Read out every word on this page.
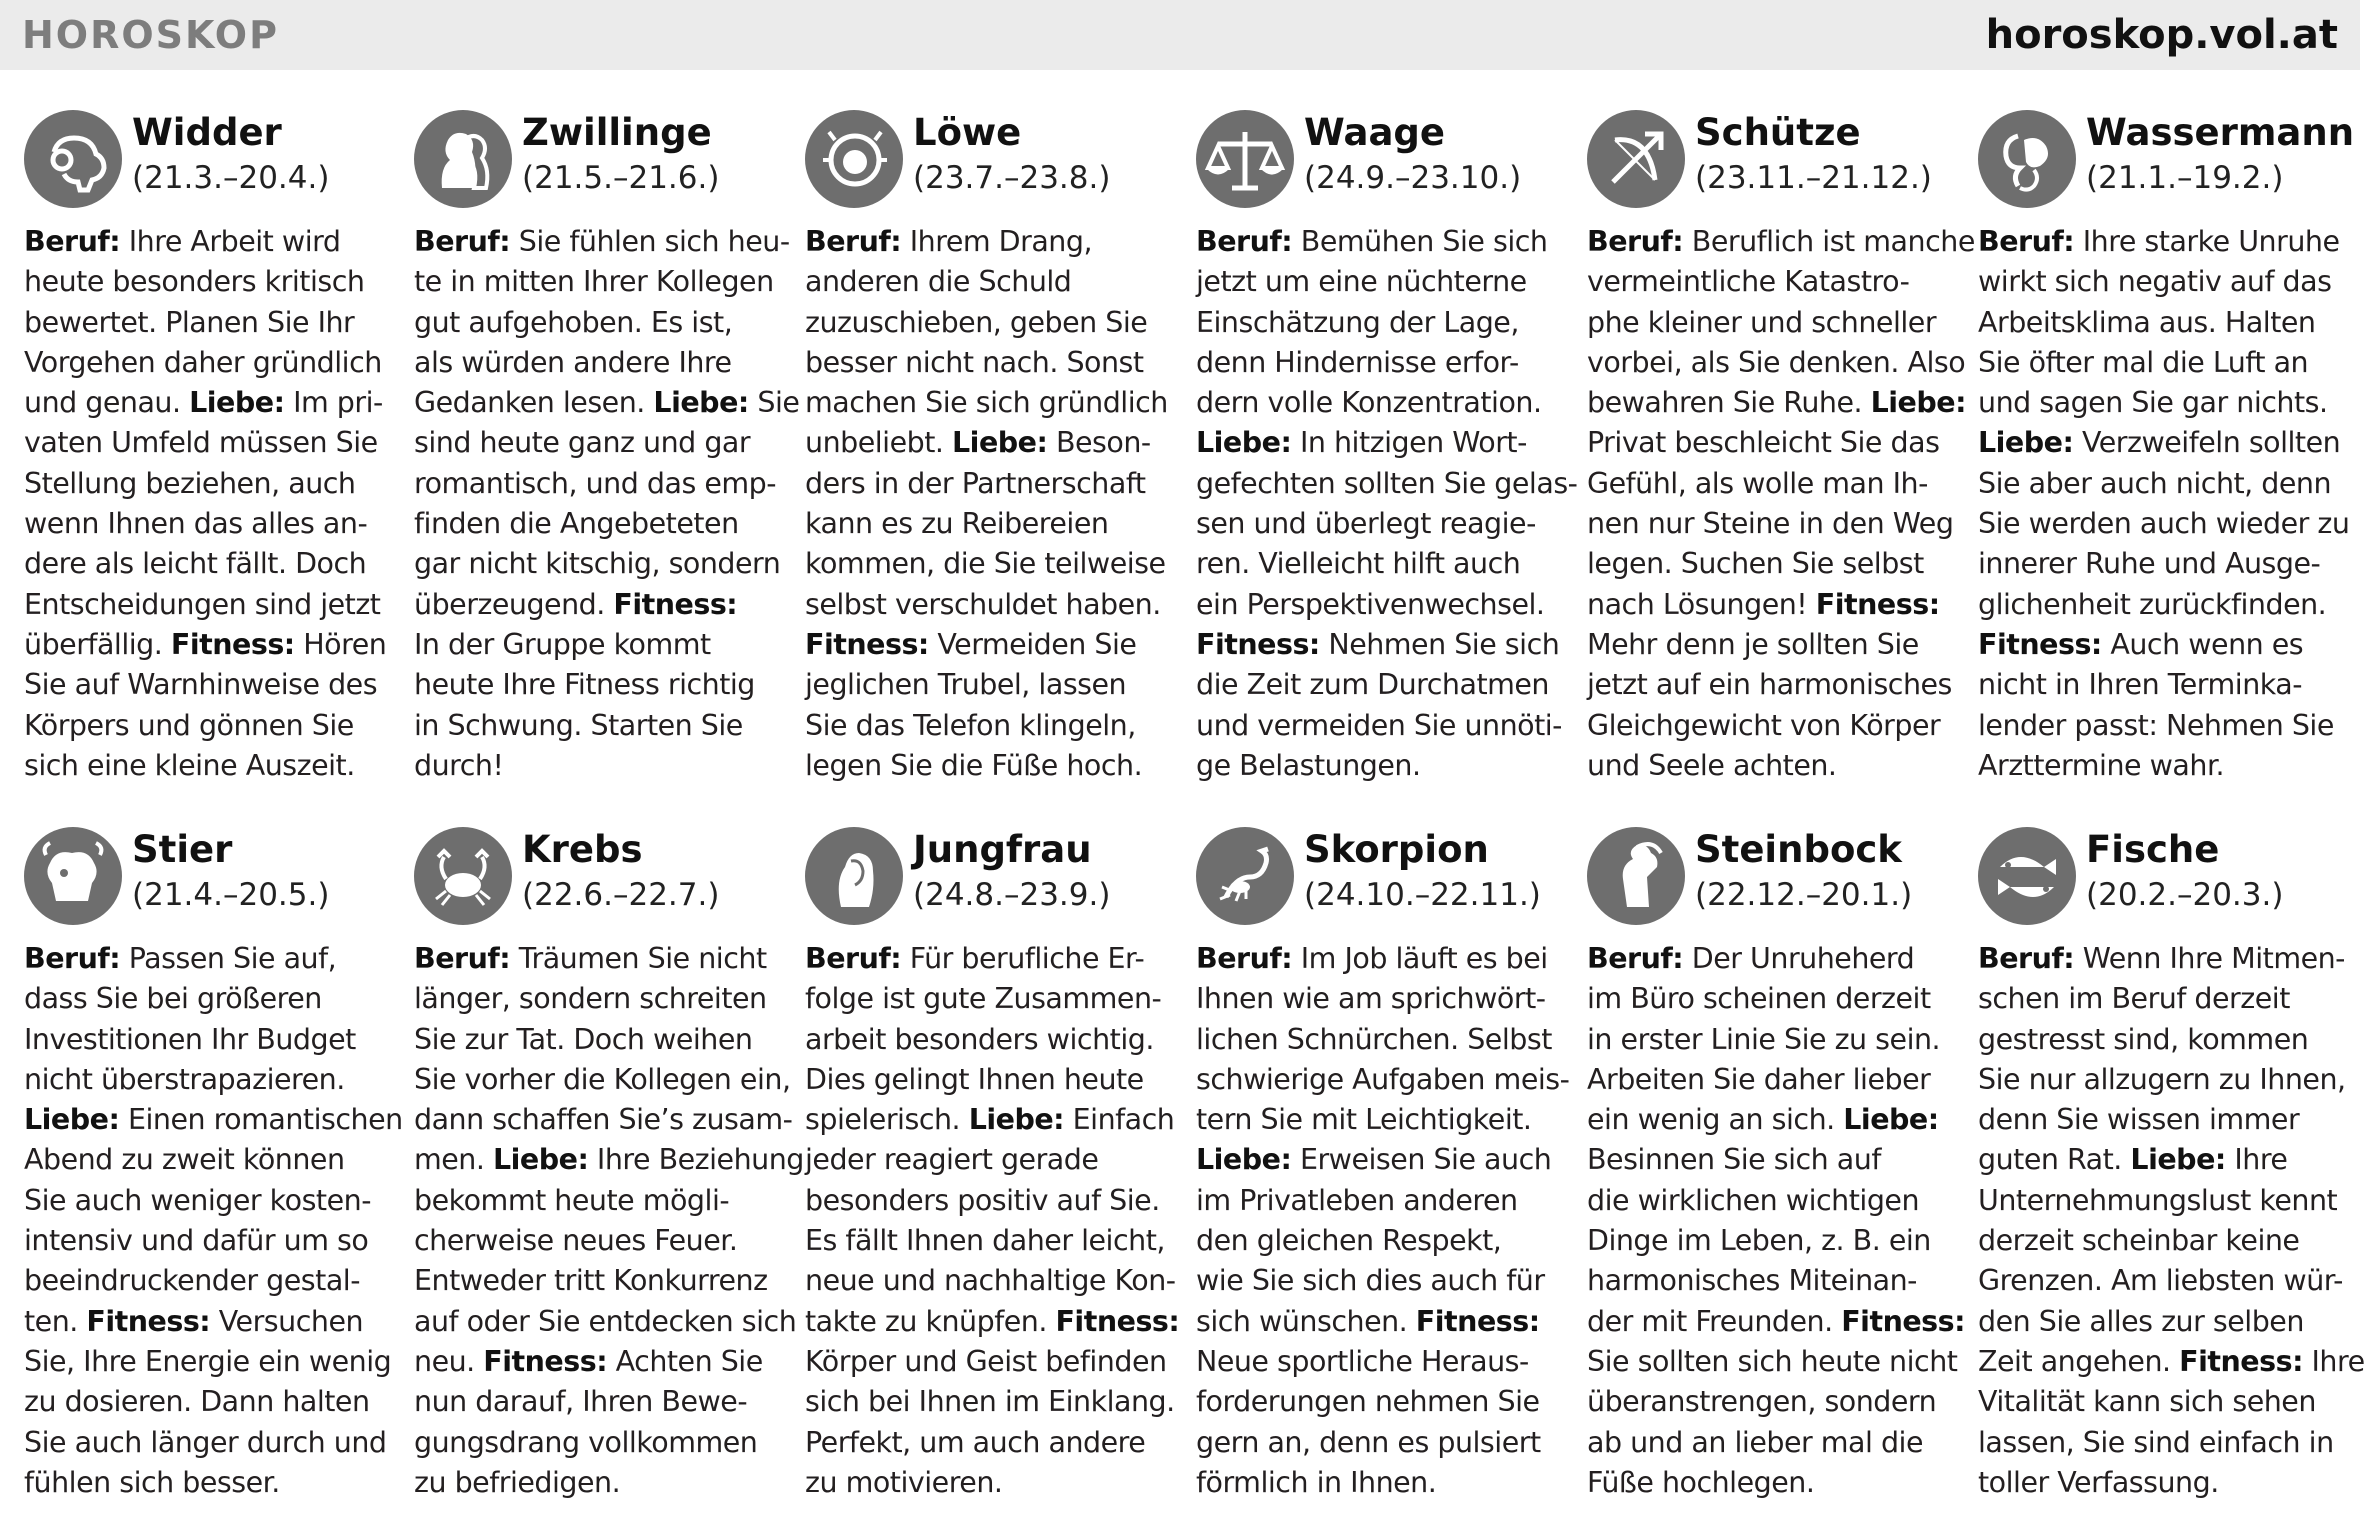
HOROSKOP	horoskop.vol.at
Widder
(21.3.–20.4.)
Beruf: Ihre Arbeit wird
heute besonders kritisch
bewertet. Planen Sie Ihr
Vorgehen daher gründlich
und genau. Liebe: Im pri-
vaten Umfeld müssen Sie
Stellung beziehen, auch
wenn Ihnen das alles an-
dere als leicht fällt. Doch
Entscheidungen sind jetzt
überfällig. Fitness: Hören
Sie auf Warnhinweise des
Körpers und gönnen Sie
sich eine kleine Auszeit.
Zwillinge
(21.5.–21.6.)
Beruf: Sie fühlen sich heu-
te in mitten Ihrer Kollegen
gut aufgehoben. Es ist,
als würden andere Ihre
Gedanken lesen. Liebe: Sie
sind heute ganz und gar
romantisch, und das emp-
finden die Angebeteten
gar nicht kitschig, sondern
überzeugend. Fitness:
In der Gruppe kommt
heute Ihre Fitness richtig
in Schwung. Starten Sie
durch!
Löwe
(23.7.–23.8.)
Beruf: Ihrem Drang,
anderen die Schuld
zuzuschieben, geben Sie
besser nicht nach. Sonst
machen Sie sich gründlich
unbeliebt. Liebe: Beson-
ders in der Partnerschaft
kann es zu Reibereien
kommen, die Sie teilweise
selbst verschuldet haben.
Fitness: Vermeiden Sie
jeglichen Trubel, lassen
Sie das Telefon klingeln,
legen Sie die Füße hoch.
Waage
(24.9.–23.10.)
Beruf: Bemühen Sie sich
jetzt um eine nüchterne
Einschätzung der Lage,
denn Hindernisse erfor-
dern volle Konzentration.
Liebe: In hitzigen Wort-
gefechten sollten Sie gelas-
sen und überlegt reagie-
ren. Vielleicht hilft auch
ein Perspektivenwechsel.
Fitness: Nehmen Sie sich
die Zeit zum Durchatmen
und vermeiden Sie unnöti-
ge Belastungen.
Schütze
(23.11.–21.12.)
Beruf: Beruflich ist manche
vermeintliche Katastro-
phe kleiner und schneller
vorbei, als Sie denken. Also
bewahren Sie Ruhe. Liebe:
Privat beschleicht Sie das
Gefühl, als wolle man Ih-
nen nur Steine in den Weg
legen. Suchen Sie selbst
nach Lösungen! Fitness:
Mehr denn je sollten Sie
jetzt auf ein harmonisches
Gleichgewicht von Körper
und Seele achten.
Wassermann
(21.1.–19.2.)
Beruf: Ihre starke Unruhe
wirkt sich negativ auf das
Arbeitsklima aus. Halten
Sie öfter mal die Luft an
und sagen Sie gar nichts.
Liebe: Verzweifeln sollten
Sie aber auch nicht, denn
Sie werden auch wieder zu
innerer Ruhe und Ausge-
glichenheit zurückfinden.
Fitness: Auch wenn es
nicht in Ihren Terminka-
lender passt: Nehmen Sie
Arzttermine wahr.
Stier
(21.4.–20.5.)
Beruf: Passen Sie auf,
dass Sie bei größeren
Investitionen Ihr Budget
nicht überstrapazieren.
Liebe: Einen romantischen
Abend zu zweit können
Sie auch weniger kosten-
intensiv und dafür um so
beeindruckender gestal-
ten. Fitness: Versuchen
Sie, Ihre Energie ein wenig
zu dosieren. Dann halten
Sie auch länger durch und
fühlen sich besser.
Krebs
(22.6.–22.7.)
Beruf: Träumen Sie nicht
länger, sondern schreiten
Sie zur Tat. Doch weihen
Sie vorher die Kollegen ein,
dann schaffen Sie’s zusam-
men. Liebe: Ihre Beziehung
bekommt heute mögli-
cherweise neues Feuer.
Entweder tritt Konkurrenz
auf oder Sie entdecken sich
neu. Fitness: Achten Sie
nun darauf, Ihren Bewe-
gungsdrang vollkommen
zu befriedigen.
Jungfrau
(24.8.–23.9.)
Beruf: Für berufliche Er-
folge ist gute Zusammen-
arbeit besonders wichtig.
Dies gelingt Ihnen heute
spielerisch. Liebe: Einfach
jeder reagiert gerade
besonders positiv auf Sie.
Es fällt Ihnen daher leicht,
neue und nachhaltige Kon-
takte zu knüpfen. Fitness:
Körper und Geist befinden
sich bei Ihnen im Einklang.
Perfekt, um auch andere
zu motivieren.
Skorpion
(24.10.–22.11.)
Beruf: Im Job läuft es bei
Ihnen wie am sprichwört-
lichen Schnürchen. Selbst
schwierige Aufgaben meis-
tern Sie mit Leichtigkeit.
Liebe: Erweisen Sie auch
im Privatleben anderen
den gleichen Respekt,
wie Sie sich dies auch für
sich wünschen. Fitness:
Neue sportliche Heraus-
forderungen nehmen Sie
gern an, denn es pulsiert
förmlich in Ihnen.
Steinbock
(22.12.–20.1.)
Beruf: Der Unruheherd
im Büro scheinen derzeit
in erster Linie Sie zu sein.
Arbeiten Sie daher lieber
ein wenig an sich. Liebe:
Besinnen Sie sich auf
die wirklichen wichtigen
Dinge im Leben, z. B. ein
harmonisches Miteinan-
der mit Freunden. Fitness:
Sie sollten sich heute nicht
überanstrengen, sondern
ab und an lieber mal die
Füße hochlegen.
Fische
(20.2.–20.3.)
Beruf: Wenn Ihre Mitmen-
schen im Beruf derzeit
gestresst sind, kommen
Sie nur allzugern zu Ihnen,
denn Sie wissen immer
guten Rat. Liebe: Ihre
Unternehmungslust kennt
derzeit scheinbar keine
Grenzen. Am liebsten wür-
den Sie alles zur selben
Zeit angehen. Fitness: Ihre
Vitalität kann sich sehen
lassen, Sie sind einfach in
toller Verfassung.
